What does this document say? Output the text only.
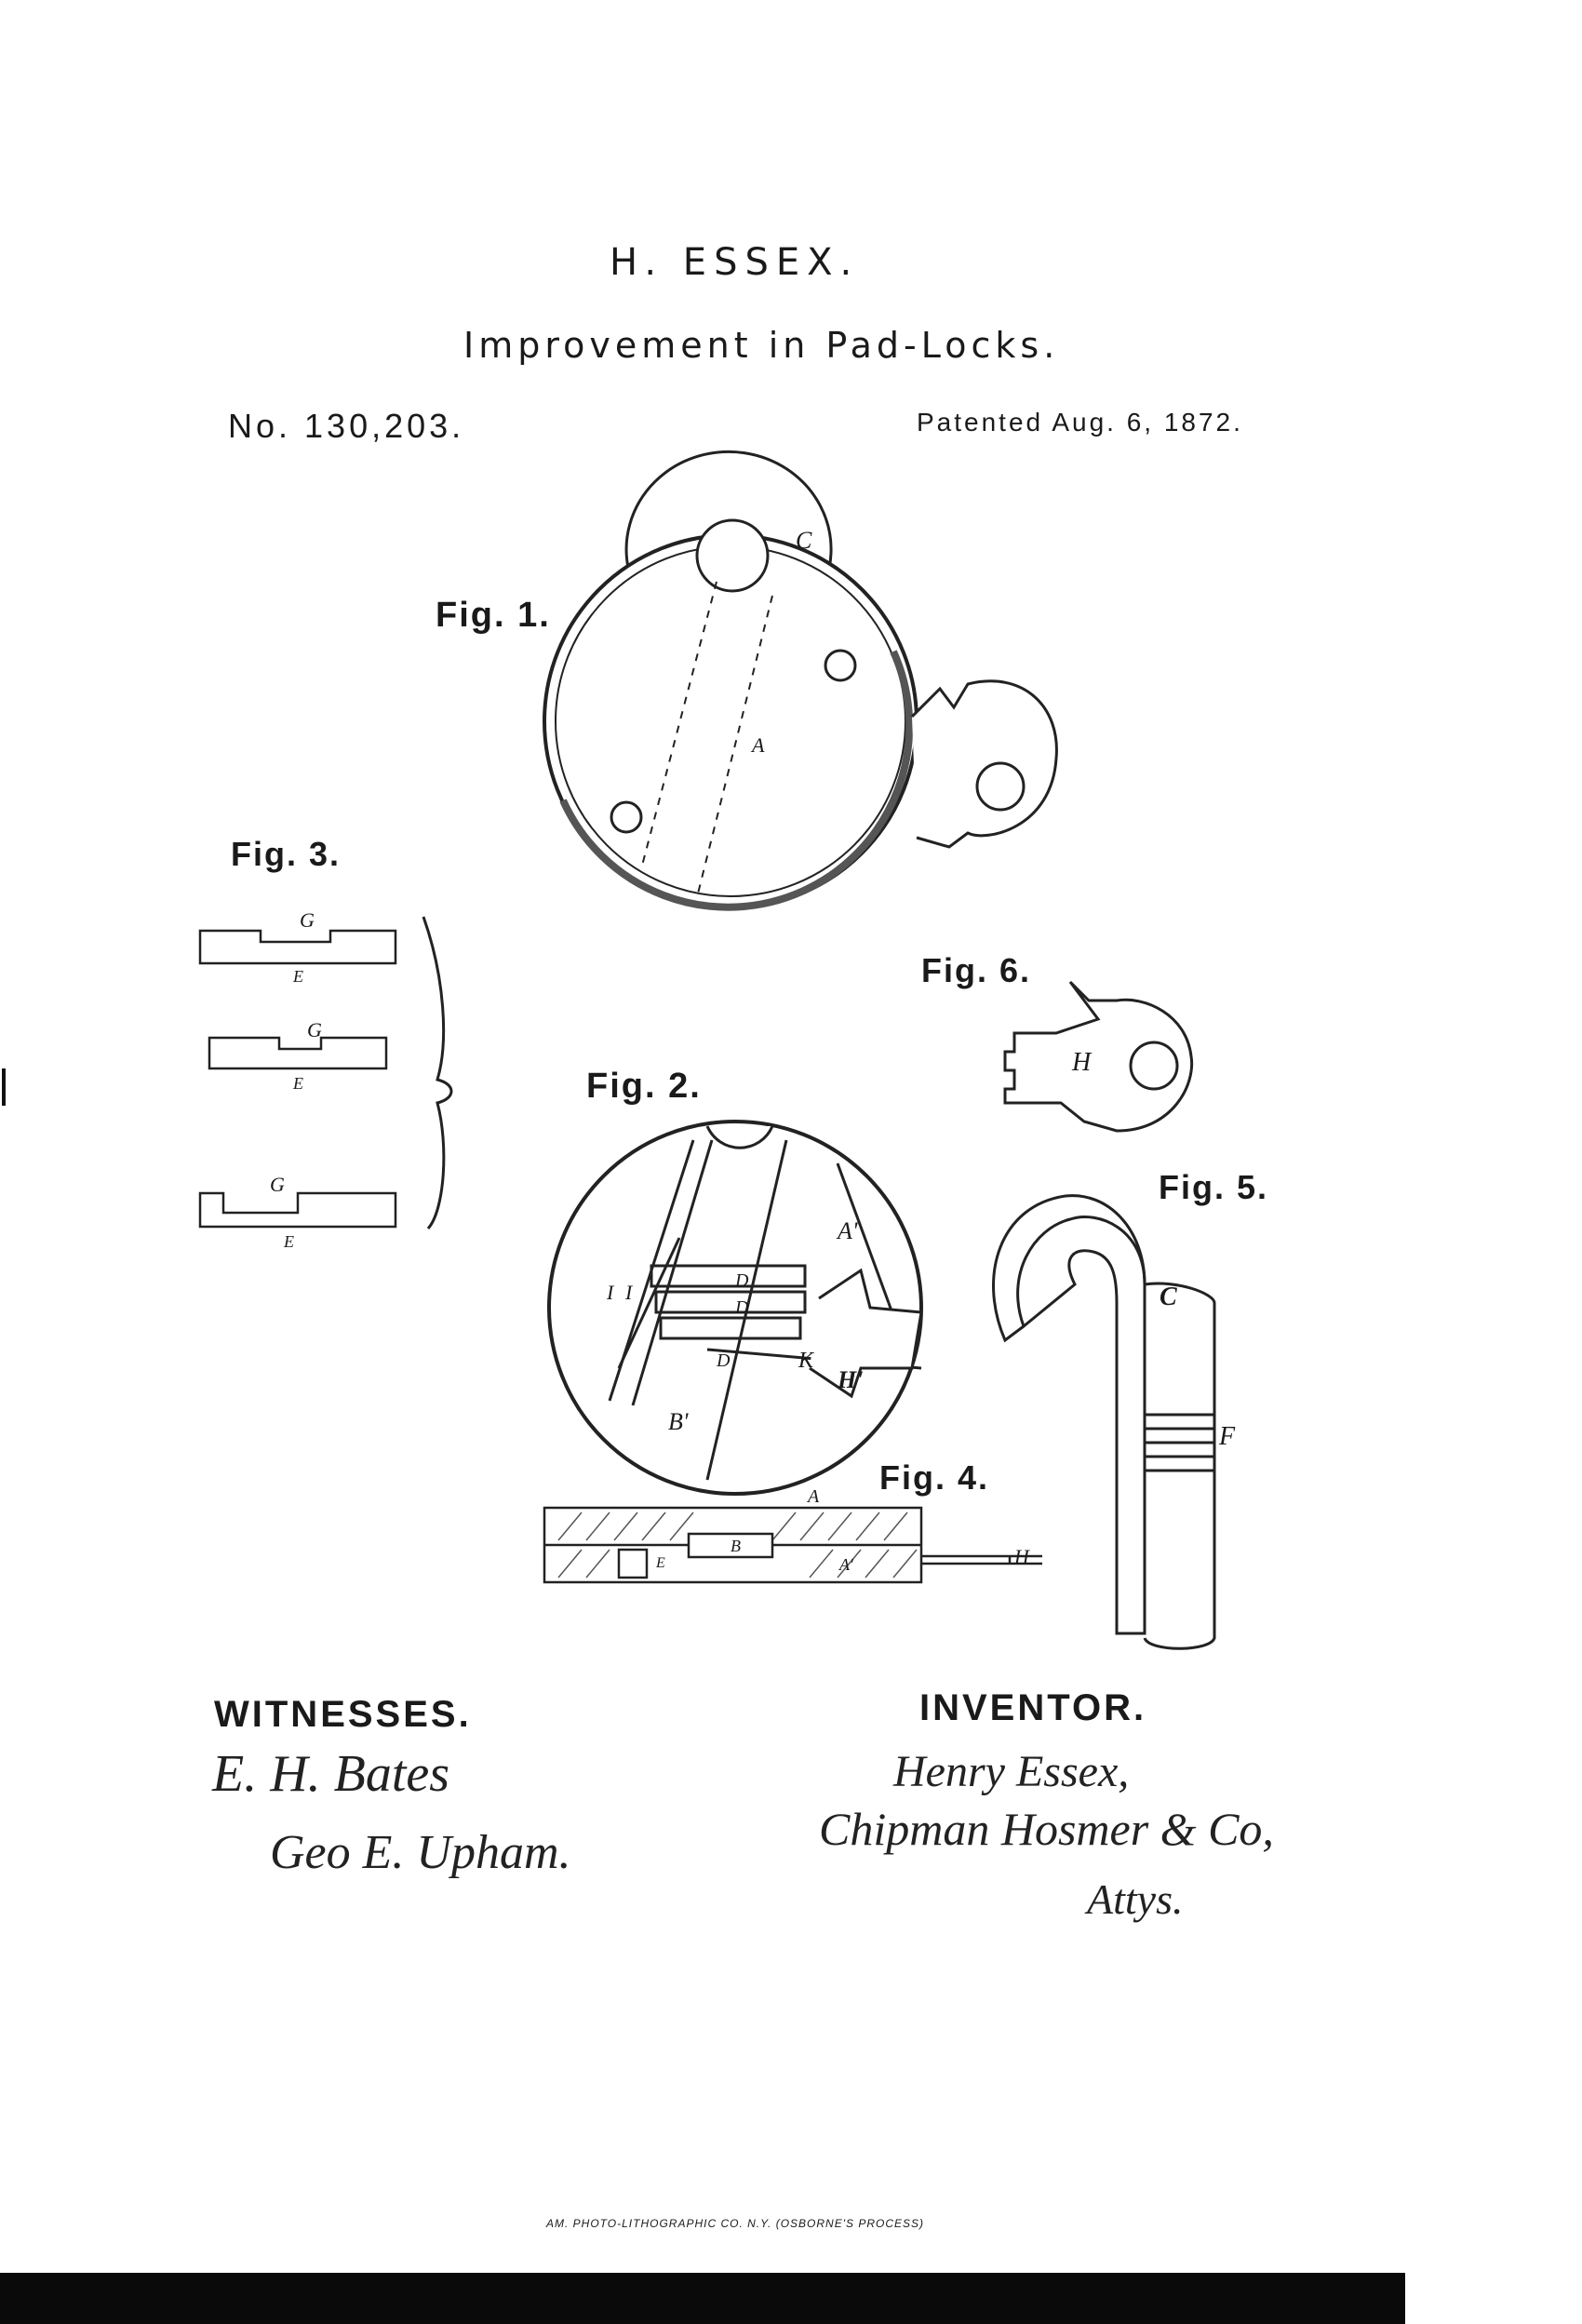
H. ESSEX.
Improvement in Pad-Locks.
No. 130,203.	Patented Aug. 6, 1872.
Fig. 1.
Fig. 2.
Fig. 3.
Fig. 4.
Fig. 5.
Fig. 6.
C
A
A'
I I	D
D
D	K
H'
B'
G
E
G
E
G
E
A
B
E	A'	H
C
F
H
WITNESSES.
E. H. Bates
Geo E. Upham.
INVENTOR.
Henry Essex,
Chipman Hosmer & Co,
Attys.
AM. PHOTO-LITHOGRAPHIC CO. N.Y. (OSBORNE'S PROCESS)
